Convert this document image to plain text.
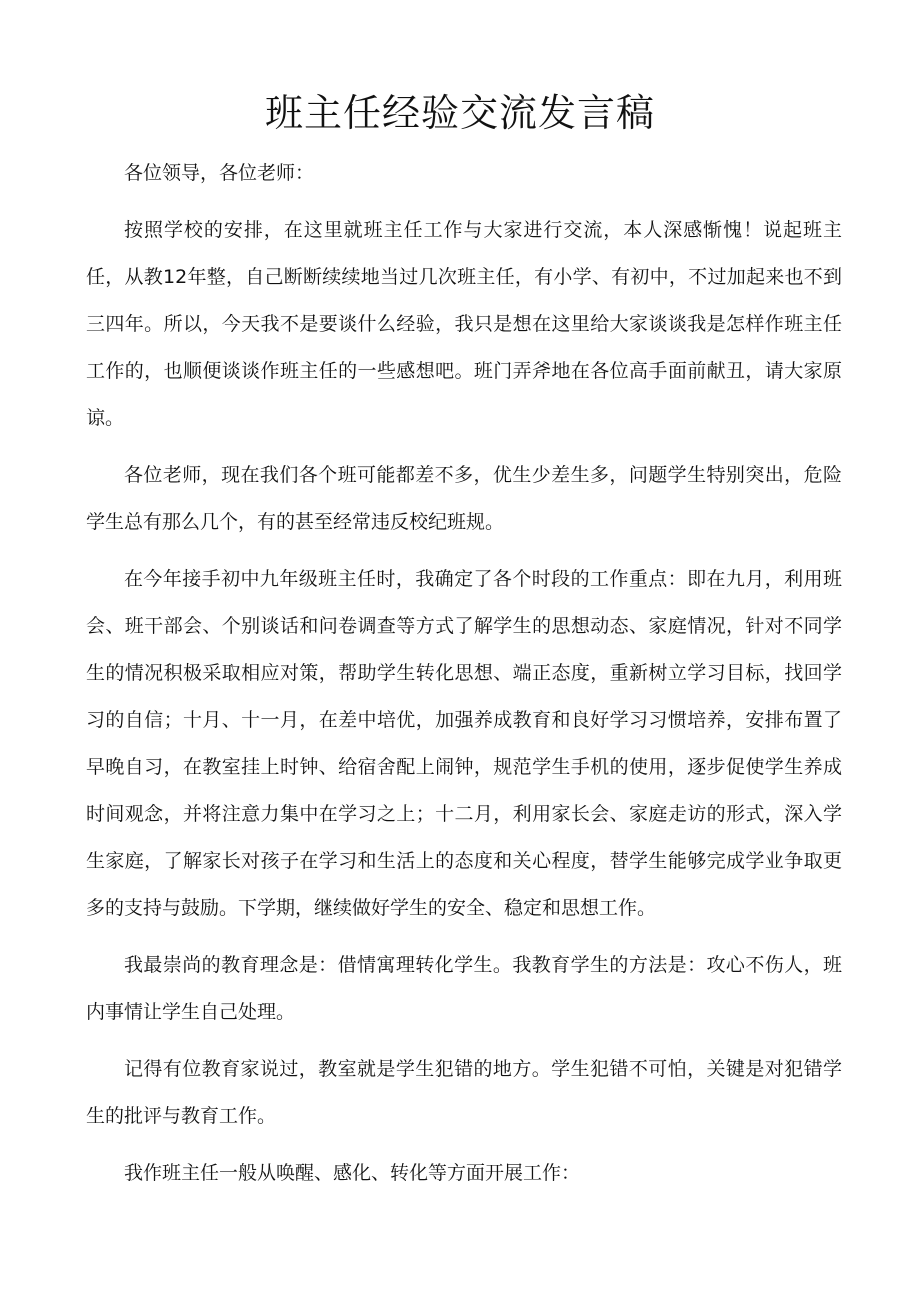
班主任经验交流发言稿

各位领导，各位老师：

按照学校的安排，在这里就班主任工作与大家进行交流，本人深感惭愧！说起班主任，从教12年整，自己断断续续地当过几次班主任，有小学、有初中，不过加起来也不到三四年。所以，今天我不是要谈什么经验，我只是想在这里给大家谈谈我是怎样作班主任工作的，也顺便谈谈作班主任的一些感想吧。班门弄斧地在各位高手面前献丑，请大家原谅。

各位老师，现在我们各个班可能都差不多，优生少差生多，问题学生特别突出，危险学生总有那么几个，有的甚至经常违反校纪班规。

在今年接手初中九年级班主任时，我确定了各个时段的工作重点：即在九月，利用班会、班干部会、个别谈话和问卷调查等方式了解学生的思想动态、家庭情况，针对不同学生的情况积极采取相应对策，帮助学生转化思想、端正态度，重新树立学习目标，找回学习的自信；十月、十一月，在差中培优，加强养成教育和良好学习习惯培养，安排布置了早晚自习，在教室挂上时钟、给宿舍配上闹钟，规范学生手机的使用，逐步促使学生养成时间观念，并将注意力集中在学习之上；十二月，利用家长会、家庭走访的形式，深入学生家庭，了解家长对孩子在学习和生活上的态度和关心程度，替学生能够完成学业争取更多的支持与鼓励。下学期，继续做好学生的安全、稳定和思想工作。

我最崇尚的教育理念是：借情寓理转化学生。我教育学生的方法是：攻心不伤人，班内事情让学生自己处理。

记得有位教育家说过，教室就是学生犯错的地方。学生犯错不可怕，关键是对犯错学生的批评与教育工作。

我作班主任一般从唤醒、感化、转化等方面开展工作：
